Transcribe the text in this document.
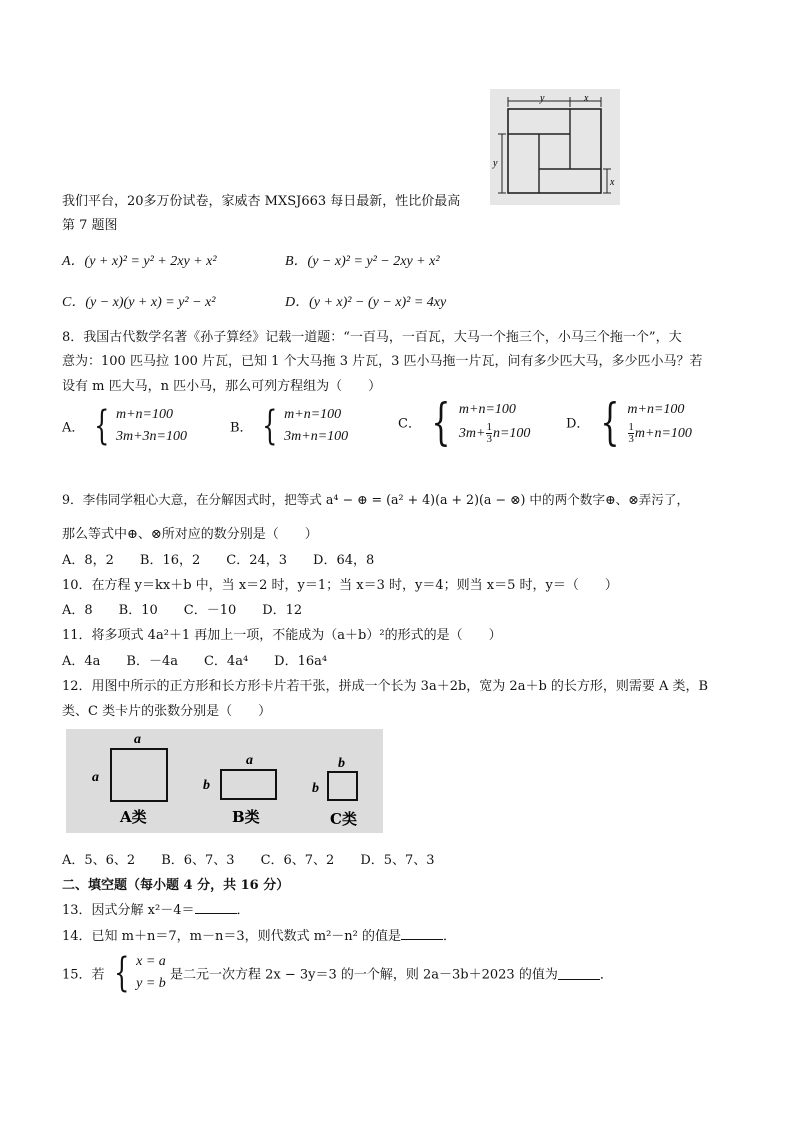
y	x
y
x
我们平台，20多万份试卷，家威杏 MXSJ663 每日最新，性比价最高
第 7 题图
A．(y + x)² = y² + 2xy + x²	B．(y − x)² = y² − 2xy + x²
C．(y − x)(y + x) = y² − x²	D．(y + x)² − (y − x)² = 4xy
8．我国古代数学名著《孙子算经》记载一道题：“一百马，一百瓦，大马一个拖三个，小马三个拖一个”，大
意为：100 匹马拉 100 片瓦，已知 1 个大马拖 3 片瓦，3 匹小马拖一片瓦，问有多少匹大马，多少匹小马？若
设有 m 匹大马，n 匹小马，那么可列方程组为（　　）
A． { m+n=100
3m+3n=100
B． { m+n=100
3m+n=100
C． { m+n=100
$3m+ \frac{1}{3} n=100$
D． { m+n=100
$\frac{1}{3} m+n=100$
9．李伟同学粗心大意，在分解因式时，把等式 a⁴ − ⊕ = (a² + 4)(a + 2)(a − ⊗) 中的两个数字⊕、⊗弄污了，
那么等式中⊕、⊗所对应的数分别是（　　）
A．8，2　　B．16，2　　C．24，3　　D．64，8
10．在方程 y＝kx＋b 中，当 x＝2 时，y＝1；当 x＝3 时，y＝4；则当 x＝5 时，y＝（　　）
A．8　　B．10　　C．－10　　D．12
11．将多项式 4a²＋1 再加上一项，不能成为（a＋b）²的形式的是（　　）
A．4a　　B．－4a　　C．4a⁴　　D．16a⁴
12．用图中所示的正方形和长方形卡片若干张，拼成一个长为 3a＋2b，宽为 2a＋b 的长方形，则需要 A 类，B
类、C 类卡片的张数分别是（　　）
a
a
a
b
b
b
A类	B类	C类
A．5、6、2　　B．6、7、3　　C．6、7、2　　D．5、7、3
二、填空题（每小题 4 分，共 16 分）
13．因式分解 x²－4＝	．
14．已知 m＋n＝7，m－n＝3，则代数式 m²－n² 的值是	．
15．若 { x = a
y = b
是二元一次方程 2x − 3y＝3 的一个解，则 2a－3b＋2023 的值为	．
